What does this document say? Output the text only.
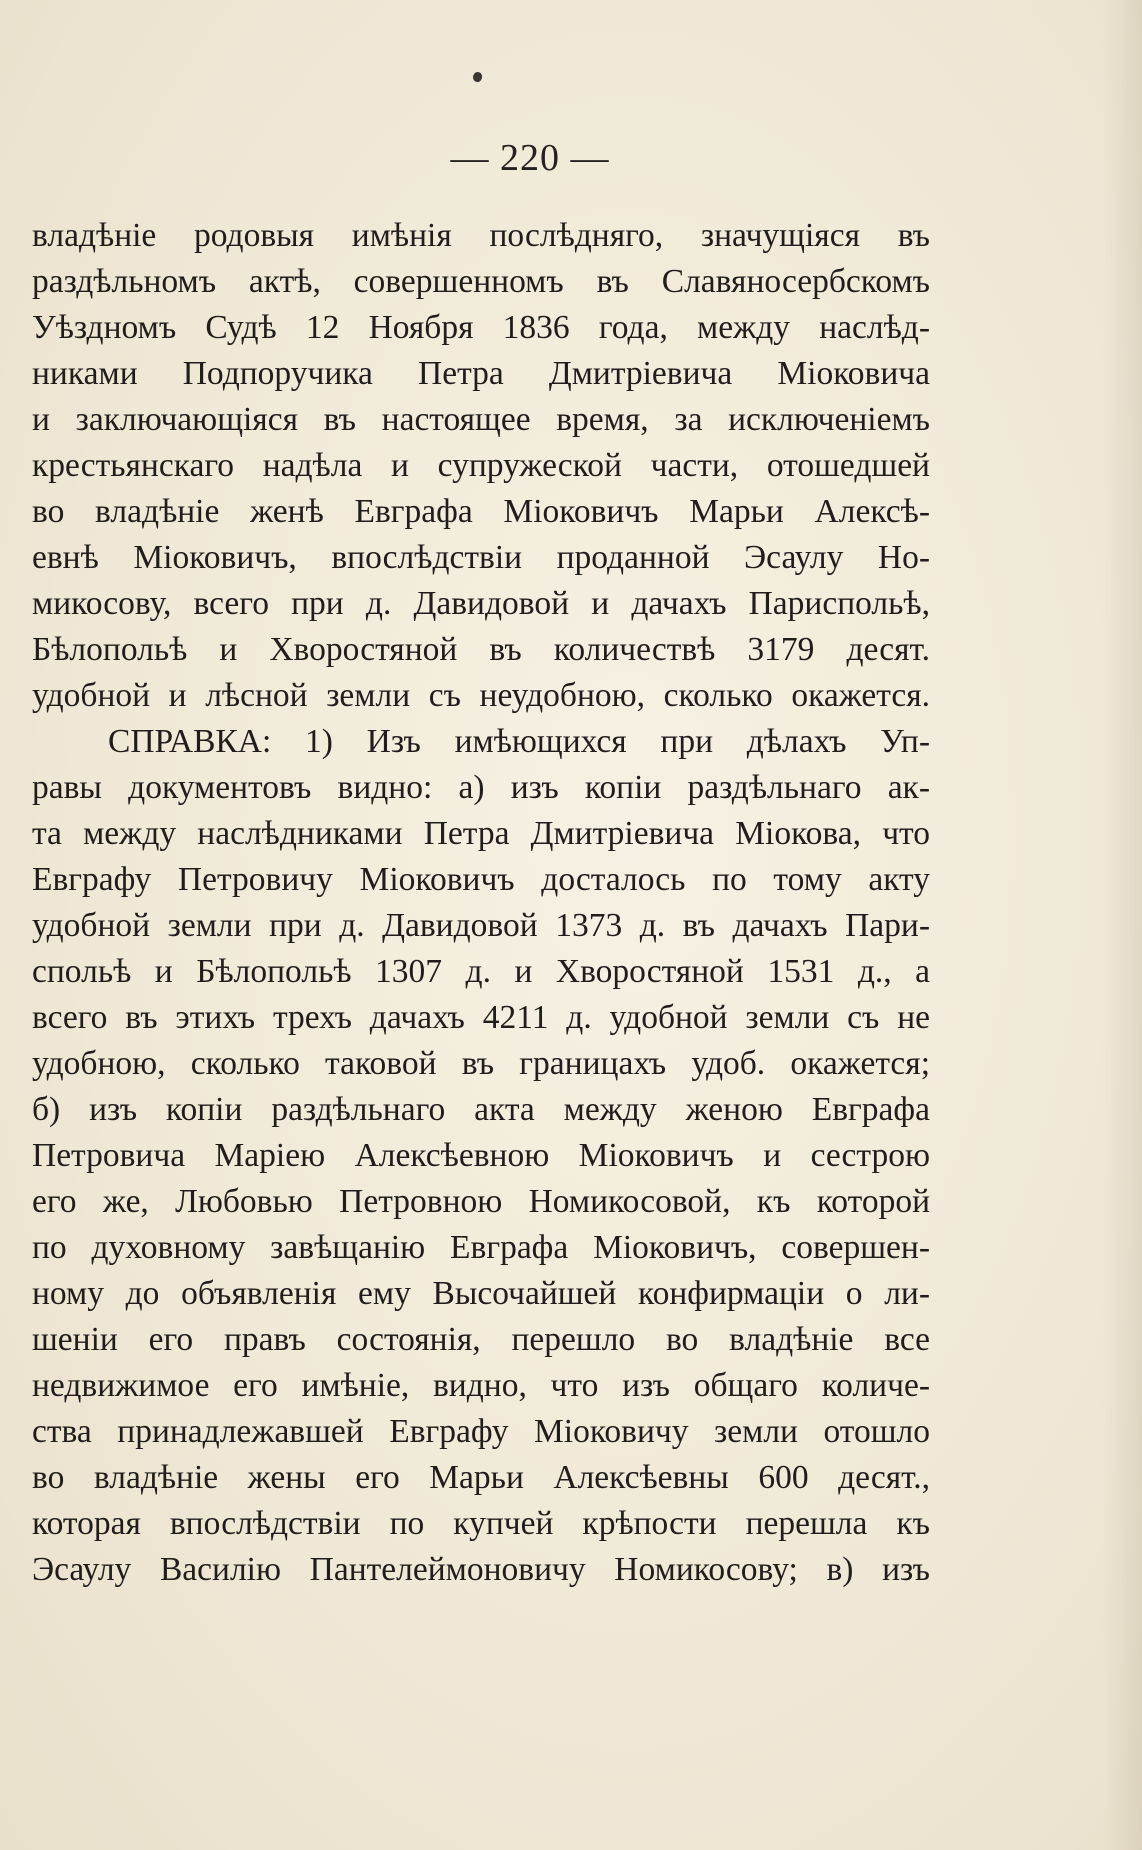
— 220 —
владѣніе родовыя имѣнія послѣдняго, значущіяся въ
раздѣльномъ актѣ, совершенномъ въ Славяносербскомъ
Уѣздномъ Судѣ 12 Ноября 1836 года, между наслѣд-
никами Подпоручика Петра Дмитріевича Міоковича
и заключающіяся въ настоящее время, за исключеніемъ
крестьянскаго надѣла и супружеской части, отошедшей
во владѣніе женѣ Евграфа Міоковичъ Марьи Алексѣ-
евнѣ Міоковичъ, впослѣдствіи проданной Эсаулу Но-
микосову, всего при д. Давидовой и дачахъ Париспольѣ,
Бѣлопольѣ и Хворостяной въ количествѣ 3179 десят.
удобной и лѣсной земли съ неудобною, сколько окажется.
СПРАВКА: 1) Изъ имѣющихся при дѣлахъ Уп-
равы документовъ видно: а) изъ копіи раздѣльнаго ак-
та между наслѣдниками Петра Дмитріевича Міокова, что
Евграфу Петровичу Міоковичъ досталось по тому акту
удобной земли при д. Давидовой 1373 д. въ дачахъ Пари-
спольѣ и Бѣлопольѣ 1307 д. и Хворостяной 1531 д., а
всего въ этихъ трехъ дачахъ 4211 д. удобной земли съ не
удобною, сколько таковой въ границахъ удоб. окажется;
б) изъ копіи раздѣльнаго акта между женою Евграфа
Петровича Маріею Алексѣевною Міоковичъ и сестрою
его же, Любовью Петровною Номикосовой, къ которой
по духовному завѣщанію Евграфа Міоковичъ, совершен-
ному до объявленія ему Высочайшей конфирмаціи о ли-
шеніи его правъ состоянія, перешло во владѣніе все
недвижимое его имѣніе, видно, что изъ общаго количе-
ства принадлежавшей Евграфу Міоковичу земли отошло
во владѣніе жены его Марьи Алексѣевны 600 десят.,
которая впослѣдствіи по купчей крѣпости перешла къ
Эсаулу Василію Пантелеймоновичу Номикосову; в) изъ
